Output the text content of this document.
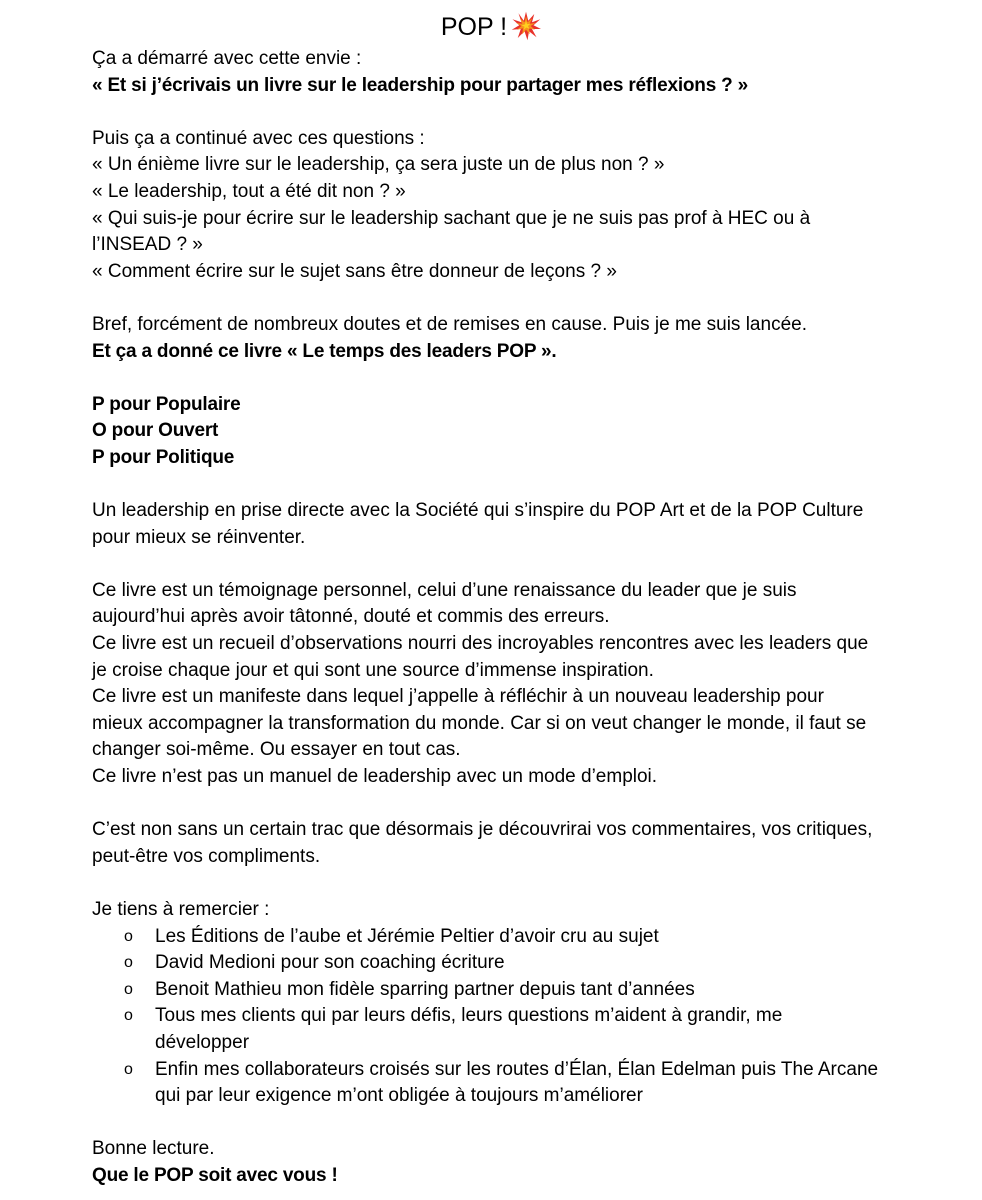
POP !
Ça a démarré avec cette envie :
« Et si j’écrivais un livre sur le leadership pour partager mes réflexions ? »
Puis ça a continué avec ces questions :
« Un énième livre sur le leadership, ça sera juste un de plus non ? »
« Le leadership, tout a été dit non ? »
« Qui suis-je pour écrire sur le leadership sachant que je ne suis pas prof à HEC ou à
l’INSEAD ? »
« Comment écrire sur le sujet sans être donneur de leçons ? »
Bref, forcément de nombreux doutes et de remises en cause. Puis je me suis lancée.
Et ça a donné ce livre « Le temps des leaders POP ».
P pour Populaire
O pour Ouvert
P pour Politique
Un leadership en prise directe avec la Société qui s’inspire du POP Art et de la POP Culture
pour mieux se réinventer.
Ce livre est un témoignage personnel, celui d’une renaissance du leader que je suis
aujourd’hui après avoir tâtonné, douté et commis des erreurs.
Ce livre est un recueil d’observations nourri des incroyables rencontres avec les leaders que
je croise chaque jour et qui sont une source d’immense inspiration.
Ce livre est un manifeste dans lequel j’appelle à réfléchir à un nouveau leadership pour
mieux accompagner la transformation du monde. Car si on veut changer le monde, il faut se
changer soi-même. Ou essayer en tout cas.
Ce livre n’est pas un manuel de leadership avec un mode d’emploi.
C’est non sans un certain trac que désormais je découvrirai vos commentaires, vos critiques,
peut-être vos compliments.
Je tiens à remercier :
o Les Éditions de l’aube et Jérémie Peltier d’avoir cru au sujet
o David Medioni pour son coaching écriture
o Benoit Mathieu mon fidèle sparring partner depuis tant d’années
o Tous mes clients qui par leurs défis, leurs questions m’aident à grandir, me
développer
o Enfin mes collaborateurs croisés sur les routes d’Élan, Élan Edelman puis The Arcane
qui par leur exigence m’ont obligée à toujours m’améliorer
Bonne lecture.
Que le POP soit avec vous !
